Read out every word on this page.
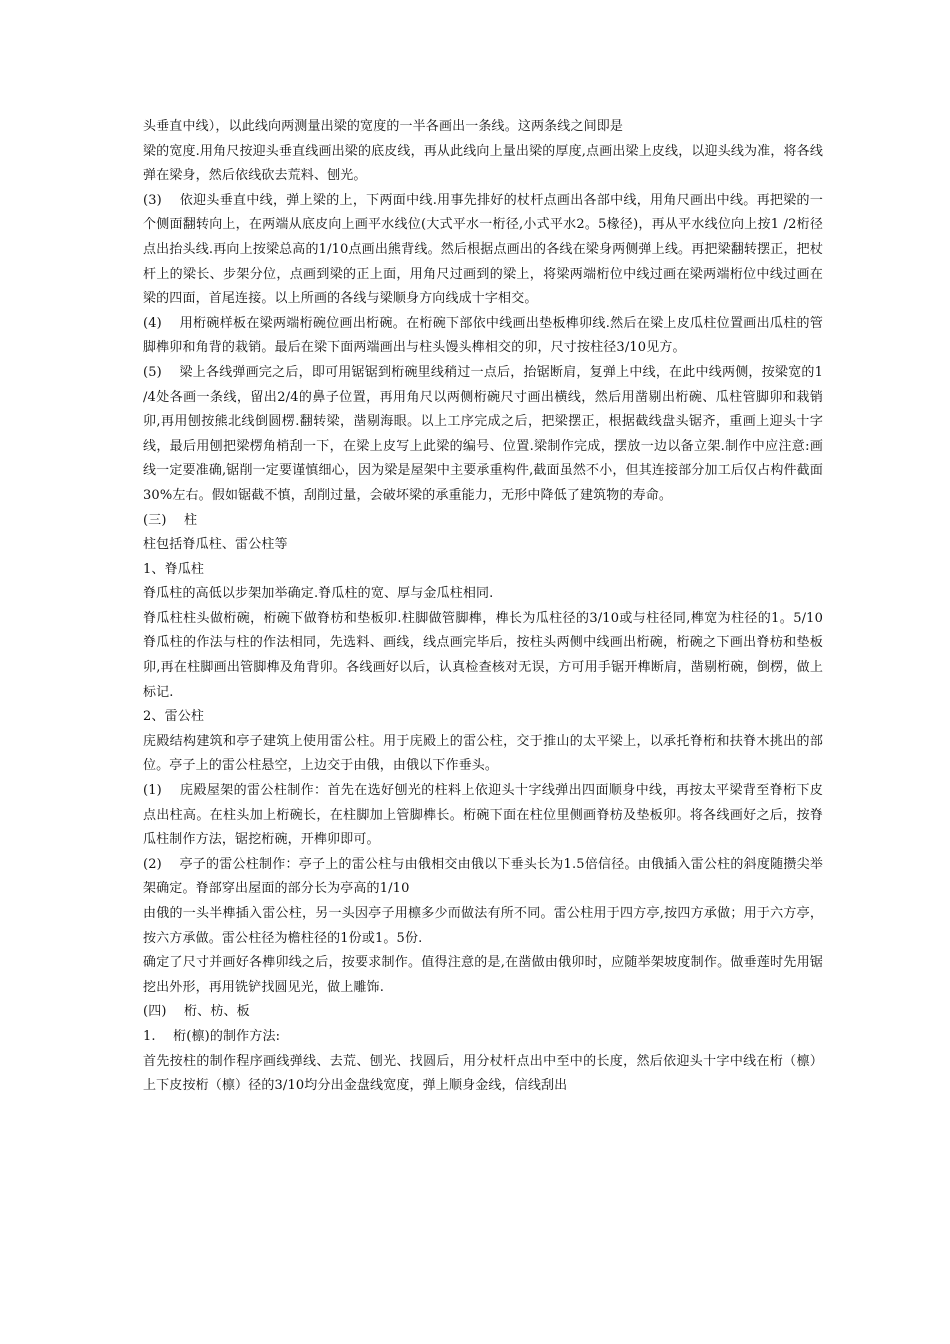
头垂直中线），以此线向两测量出梁的宽度的一半各画出一条线。这两条线之间即是

梁的宽度.用角尺按迎头垂直线画出梁的底皮线，再从此线向上量出梁的厚度,点画出梁上皮线，以迎头线为准，将各线弹在梁身，然后依线砍去荒料、刨光。

(3)　 依迎头垂直中线，弹上梁的上，下两面中线.用事先排好的杖杆点画出各部中线，用角尺画出中线。再把梁的一个侧面翻转向上，在两端从底皮向上画平水线位(大式平水一桁径,小式平水2。5椽径)，再从平水线位向上按1 /2桁径点出抬头线.再向上按梁总高的1/10点画出熊背线。然后根据点画出的各线在梁身两侧弹上线。再把梁翻转摆正，把杖杆上的梁长、步架分位，点画到梁的正上面，用角尺过画到的梁上，将梁两端桁位中线过画在梁两端桁位中线过画在梁的四面，首尾连接。以上所画的各线与梁顺身方向线成十字相交。

(4)　 用桁碗样板在梁两端桁碗位画出桁碗。在桁碗下部依中线画出垫板榫卯线.然后在梁上皮瓜柱位置画出瓜柱的管脚榫卯和角背的栽销。最后在梁下面两端画出与柱头馒头榫相交的卯，尺寸按柱径3/10见方。

(5)　 梁上各线弹画完之后，即可用锯锯到桁碗里线稍过一点后，抬锯断肩，复弹上中线，在此中线两侧，按梁宽的1 /4处各画一条线，留出2/4的鼻子位置，再用角尺以两侧桁碗尺寸画出横线，然后用凿剔出桁碗、瓜柱管脚卯和栽销卯,再用刨按熊北线倒圆楞.翻转梁，凿剔海眼。以上工序完成之后，把梁摆正，根据截线盘头锯齐，重画上迎头十字线，最后用刨把梁楞角梢刮一下，在梁上皮写上此梁的编号、位置.梁制作完成，摆放一边以备立架.制作中应注意:画线一定要准确,锯削一定要谨慎细心，因为梁是屋架中主要承重构件,截面虽然不小，但其连接部分加工后仅占构件截面30%左右。假如锯截不慎，刮削过量，会破坏梁的承重能力，无形中降低了建筑物的寿命。

(三)　 柱

柱包括脊瓜柱、雷公柱等

1、脊瓜柱

脊瓜柱的高低以步架加举确定.脊瓜柱的宽、厚与金瓜柱相同.

脊瓜柱柱头做桁碗，桁碗下做脊枋和垫板卯.柱脚做管脚榫，榫长为瓜柱径的3/10或与柱径同,榫宽为柱径的1。5/10脊瓜柱的作法与柱的作法相同，先选料、画线，线点画完毕后，按柱头两侧中线画出桁碗，桁碗之下画出脊枋和垫板卯,再在柱脚画出管脚榫及角背卯。各线画好以后，认真检查核对无误，方可用手锯开榫断肩，凿剔桁碗，倒楞，做上标记.

2、雷公柱

庑殿结构建筑和亭子建筑上使用雷公柱。用于庑殿上的雷公柱，交于推山的太平梁上，以承托脊桁和扶脊木挑出的部位。亭子上的雷公柱悬空，上边交于由俄，由俄以下作垂头。

(1)　 庑殿屋架的雷公柱制作：首先在选好刨光的柱料上依迎头十字线弹出四面顺身中线，再按太平梁背至脊桁下皮点出柱高。在柱头加上桁碗长，在柱脚加上管脚榫长。桁碗下面在柱位里侧画脊枋及垫板卯。将各线画好之后，按脊瓜柱制作方法，锯挖桁碗，开榫卯即可。

(2)　 亭子的雷公柱制作：亭子上的雷公柱与由俄相交由俄以下垂头长为1.5倍信径。由俄插入雷公柱的斜度随攒尖举架确定。脊部穿出屋面的部分长为亭高的1/10

由俄的一头半榫插入雷公柱，另一头因亭子用檩多少而做法有所不同。雷公柱用于四方亭,按四方承做；用于六方亭，按六方承做。雷公柱径为檐柱径的1份或1。5份.

确定了尺寸并画好各榫卯线之后，按要求制作。值得注意的是,在凿做由俄卯时，应随举架坡度制作。做垂莲时先用锯挖出外形，再用铣铲找圆见光，做上雕饰.

(四)　 桁、枋、板

1.　 桁(檩)的制作方法:

首先按柱的制作程序画线弹线、去荒、刨光、找圆后，用分杖杆点出中至中的长度，然后依迎头十字中线在桁（檩）上下皮按桁（檩）径的3/10均分出金盘线宽度，弹上顺身金线，信线刮出
